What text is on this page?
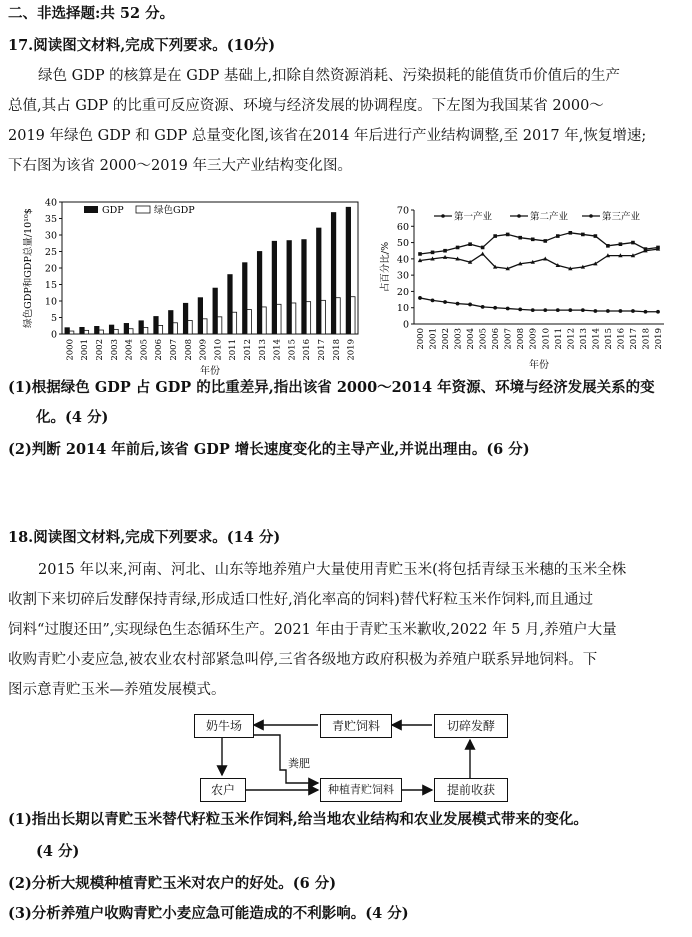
二、非选择题:共 52 分。
17.阅读图文材料,完成下列要求。(10分)
绿色 GDP 的核算是在 GDP 基础上,扣除自然资源消耗、污染损耗的能值货币价值后的生产
总值,其占 GDP 的比重可反应资源、环境与经济发展的协调程度。下左图为我国某省 2000～
2019 年绿色 GDP 和 GDP 总量变化图,该省在2014 年后进行产业结构调整,至 2017 年,恢复增速;
下右图为该省 2000～2019 年三大产业结构变化图。
0
5
10
15
20
25
30
35
40
2000 2001 2002 2003 2004 2005 2006 2007 2008 2009 2010 2011 2012 2013 2014 2015 2016 2017 2018 2019
绿色GDP和GDP总量/10¹⁰$
年份
GDP	绿色GDP
0
10
20
30
40
50
60
70
2000 2001 2002 2003 2004 2005 2006 2007 2008 2009 2010 2011 2012 2013 2014 2015 2016 2017 2018 2019
占百分比/%
年份
第一产业	第二产业	第三产业
(1)根据绿色 GDP 占 GDP 的比重差异,指出该省 2000～2014 年资源、环境与经济发展关系的变
化。(4 分)
(2)判断 2014 年前后,该省 GDP 增长速度变化的主导产业,并说出理由。(6 分)
18.阅读图文材料,完成下列要求。(14 分)
2015 年以来,河南、河北、山东等地养殖户大量使用青贮玉米(将包括青绿玉米穗的玉米全株
收割下来切碎后发酵保持青绿,形成适口性好,消化率高的饲料)替代籽粒玉米作饲料,而且通过
饲料“过腹还田”,实现绿色生态循环生产。2021 年由于青贮玉米歉收,2022 年 5 月,养殖户大量
收购青贮小麦应急,被农业农村部紧急叫停,三省各级地方政府积极为养殖户联系异地饲料。下
图示意青贮玉米—养殖发展模式。
奶牛场	青贮饲料	切碎发酵
农户	种植青贮饲料	提前收获
粪肥
(1)指出长期以青贮玉米替代籽粒玉米作饲料,给当地农业结构和农业发展模式带来的变化。
(4 分)
(2)分析大规模种植青贮玉米对农户的好处。(6 分)
(3)分析养殖户收购青贮小麦应急可能造成的不利影响。(4 分)
